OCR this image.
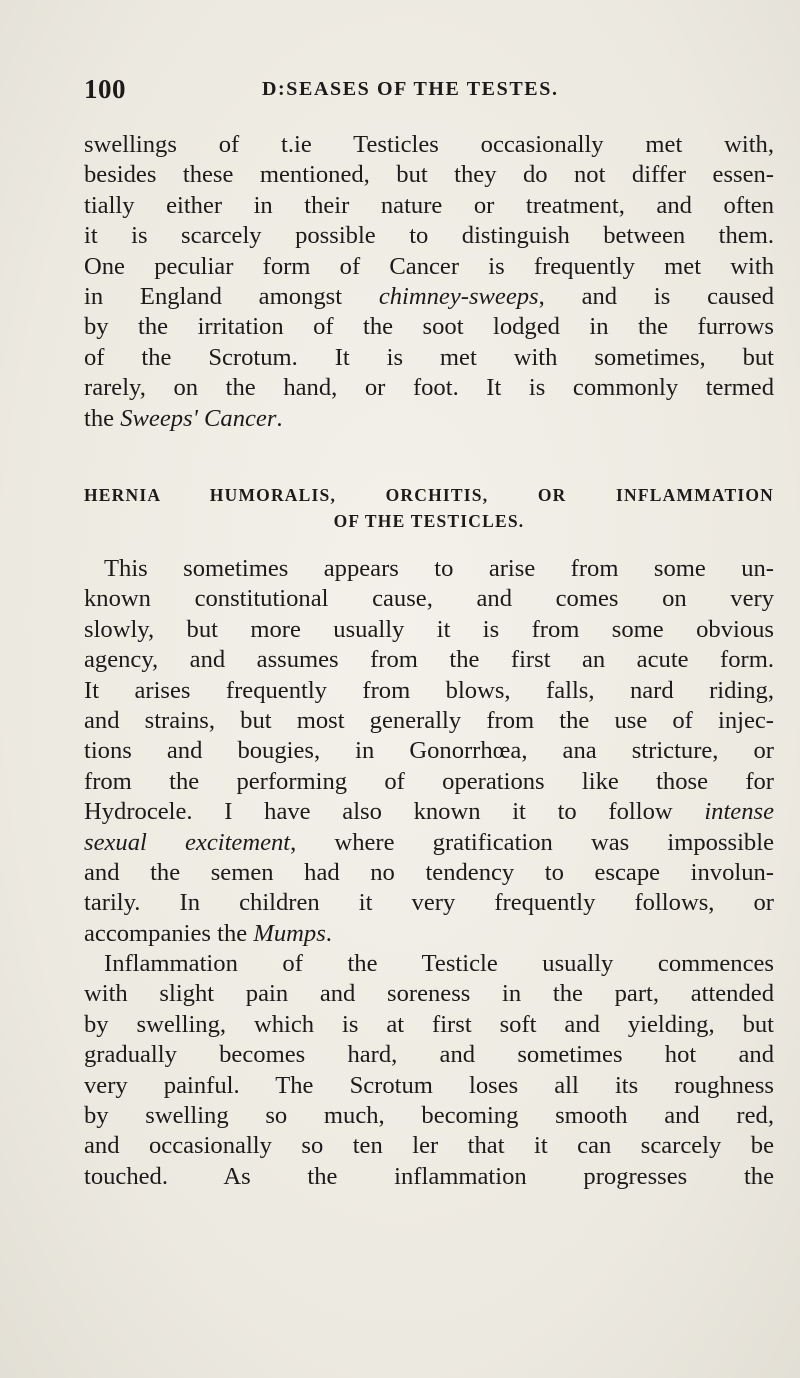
100	D:SEASES OF THE TESTES.
swellings of t.ie Testicles occasionally met with,
besides these mentioned, but they do not differ essen-
tially either in their nature or treatment, and often
it is scarcely possible to distinguish between them.
One peculiar form of Cancer is frequently met with
in England amongst chimney-sweeps, and is caused
by the irritation of the soot lodged in the furrows
of the Scrotum. It is met with sometimes, but
rarely, on the hand, or foot. It is commonly termed
the Sweeps' Cancer.
HERNIA HUMORALIS, ORCHITIS, OR INFLAMMATION
OF THE TESTICLES.
This sometimes appears to arise from some un-
known constitutional cause, and comes on very
slowly, but more usually it is from some obvious
agency, and assumes from the first an acute form.
It arises frequently from blows, falls, nard riding,
and strains, but most generally from the use of injec-
tions and bougies, in Gonorrhœa, ana stricture, or
from the performing of operations like those for
Hydrocele. I have also known it to follow intense
sexual excitement, where gratification was impossible
and the semen had no tendency to escape involun-
tarily. In children it very frequently follows, or
accompanies the Mumps.
Inflammation of the Testicle usually commences
with slight pain and soreness in the part, attended
by swelling, which is at first soft and yielding, but
gradually becomes hard, and sometimes hot and
very painful. The Scrotum loses all its roughness
by swelling so much, becoming smooth and red,
and occasionally so ten ler that it can scarcely be
touched. As the inflammation progresses the
